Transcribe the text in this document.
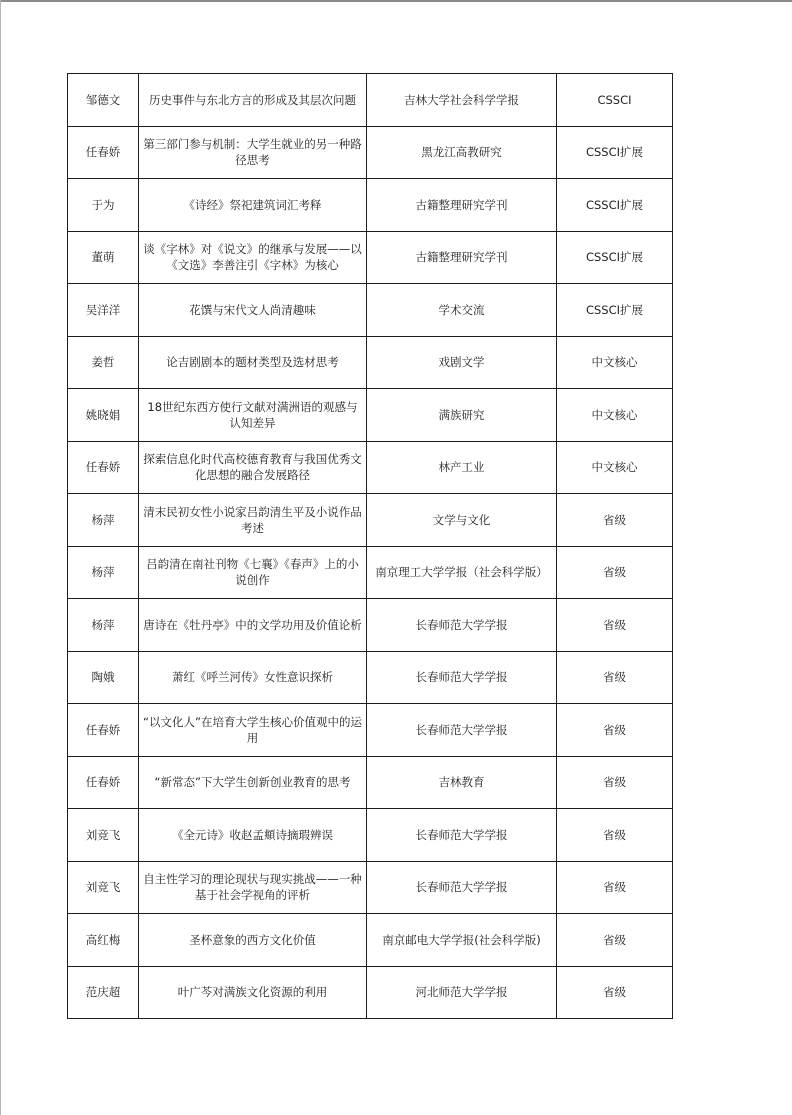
邹德文	历史事件与东北方言的形成及其层次问题	吉林大学社会科学学报	CSSCI
任春娇	第三部门参与机制：大学生就业的另一种路径思考	黑龙江高教研究	CSSCI扩展
于为	《诗经》祭祀建筑词汇考释	古籍整理研究学刊	CSSCI扩展
董萌	谈《字林》对《说文》的继承与发展——以《文选》李善注引《字林》为核心	古籍整理研究学刊	CSSCI扩展
吴洋洋	花馔与宋代文人尚清趣味	学术交流	CSSCI扩展
姜哲	论吉剧剧本的题材类型及选材思考	戏剧文学	中文核心
姚晓娟	18世纪东西方使行文献对满洲语的观感与认知差异	满族研究	中文核心
任春娇	探索信息化时代高校德育教育与我国优秀文化思想的融合发展路径	林产工业	中文核心
杨萍	清末民初女性小说家吕韵清生平及小说作品考述	文学与文化	省级
杨萍	吕韵清在南社刊物《七襄》《春声》上的小说创作	南京理工大学学报（社会科学版）	省级
杨萍	唐诗在《牡丹亭》中的文学功用及价值论析	长春师范大学学报	省级
陶娥	萧红《呼兰河传》女性意识探析	长春师范大学学报	省级
任春娇	“以文化人”在培育大学生核心价值观中的运用	长春师范大学学报	省级
任春娇	“新常态”下大学生创新创业教育的思考	吉林教育	省级
刘竞飞	《全元诗》收赵孟頫诗摘瑕辨误	长春师范大学学报	省级
刘竞飞	自主性学习的理论现状与现实挑战——一种基于社会学视角的评析	长春师范大学学报	省级
高红梅	圣杯意象的西方文化价值	南京邮电大学学报(社会科学版)	省级
范庆超	叶广芩对满族文化资源的利用	河北师范大学学报	省级
